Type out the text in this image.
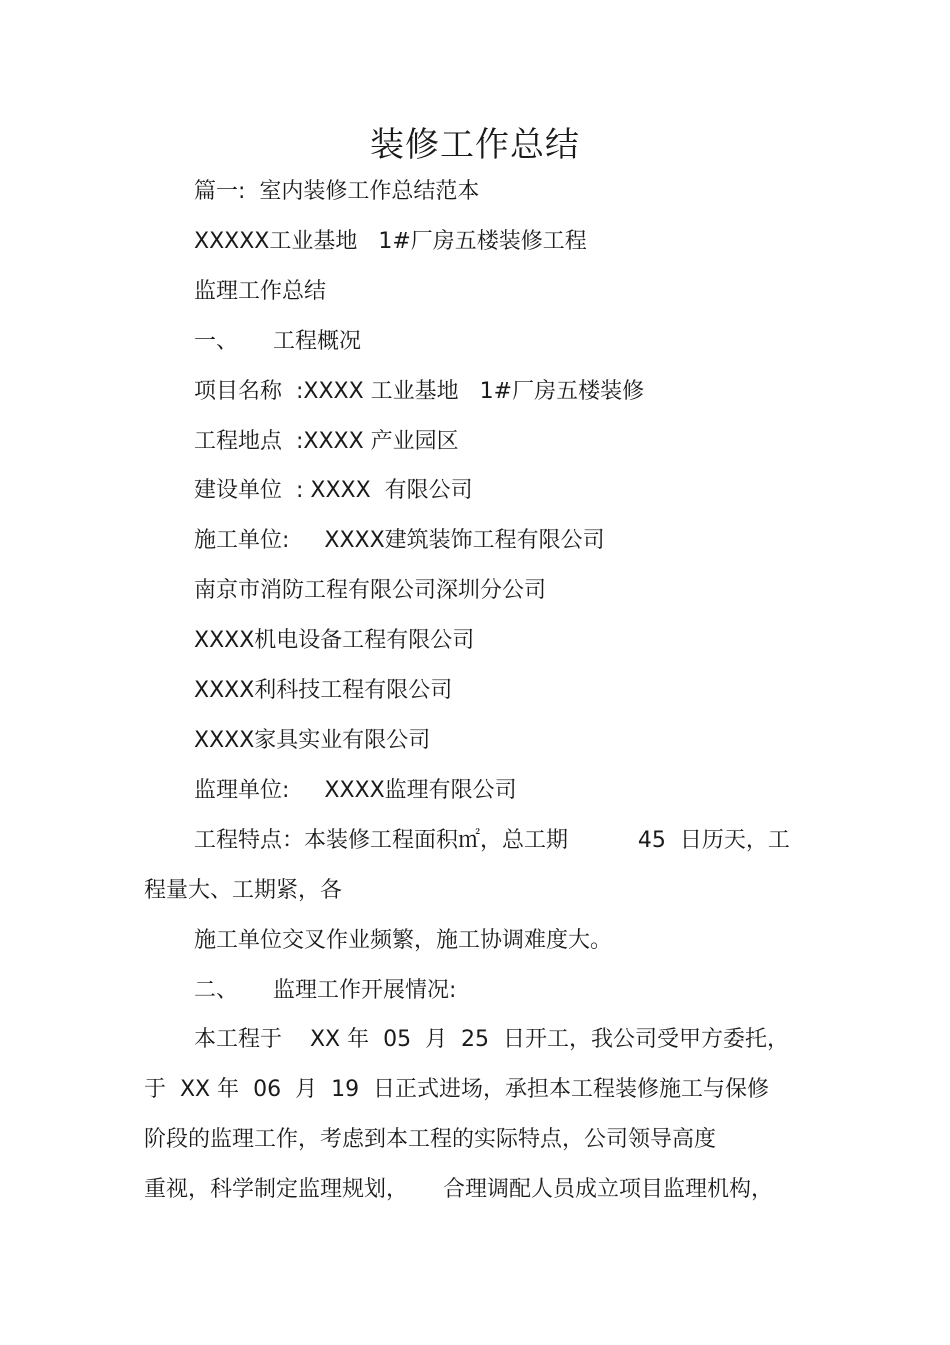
装修工作总结

篇一:  室内装修工作总结范本

XXXXX工业基地   1#厂房五楼装修工程

监理工作总结

一、     工程概况

项目名称  :XXXX 工业基地   1#厂房五楼装修

工程地点  :XXXX 产业园区

建设单位  : XXXX  有限公司

施工单位:     XXXX建筑装饰工程有限公司

南京市消防工程有限公司深圳分公司

XXXX机电设备工程有限公司

XXXX利科技工程有限公司

XXXX家具实业有限公司

监理单位:     XXXX监理有限公司

工程特点：本装修工程面积㎡，总工期          45  日历天，工

程量大、工期紧，各

施工单位交叉作业频繁，施工协调难度大。

二、     监理工作开展情况:

本工程于    XX 年  05  月  25  日开工，我公司受甲方委托，

于  XX 年  06  月  19  日正式进场，承担本工程装修施工与保修

阶段的监理工作，考虑到本工程的实际特点，公司领导高度

重视，科学制定监理规划，     合理调配人员成立项目监理机构，
